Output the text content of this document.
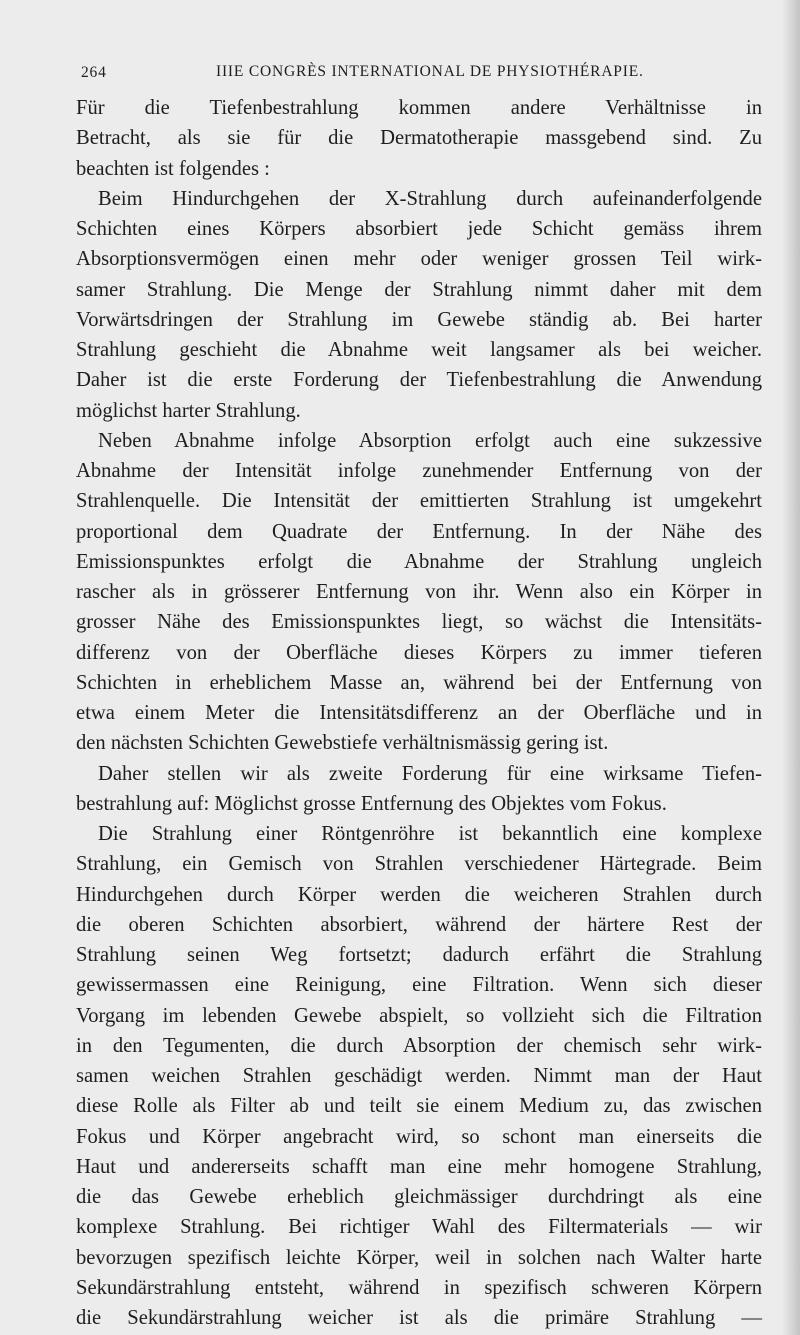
264	IIIE CONGRÈS INTERNATIONAL DE PHYSIOTHÉRAPIE.
Für die Tiefenbestrahlung kommen andere Verhältnisse in
Betracht, als sie für die Dermatotherapie massgebend sind. Zu
beachten ist folgendes :
Beim Hindurchgehen der X-Strahlung durch aufeinanderfolgende
Schichten eines Körpers absorbiert jede Schicht gemäss ihrem
Absorptionsvermögen einen mehr oder weniger grossen Teil wirk-
samer Strahlung. Die Menge der Strahlung nimmt daher mit dem
Vorwärtsdringen der Strahlung im Gewebe ständig ab. Bei harter
Strahlung geschieht die Abnahme weit langsamer als bei weicher.
Daher ist die erste Forderung der Tiefenbestrahlung die Anwendung
möglichst harter Strahlung.
Neben Abnahme infolge Absorption erfolgt auch eine sukzessive
Abnahme der Intensität infolge zunehmender Entfernung von der
Strahlenquelle. Die Intensität der emittierten Strahlung ist umgekehrt
proportional dem Quadrate der Entfernung. In der Nähe des
Emissionspunktes erfolgt die Abnahme der Strahlung ungleich
rascher als in grösserer Entfernung von ihr. Wenn also ein Körper in
grosser Nähe des Emissionspunktes liegt, so wächst die Intensitäts-
differenz von der Oberfläche dieses Körpers zu immer tieferen
Schichten in erheblichem Masse an, während bei der Entfernung von
etwa einem Meter die Intensitätsdifferenz an der Oberfläche und in
den nächsten Schichten Gewebstiefe verhältnismässig gering ist.
Daher stellen wir als zweite Forderung für eine wirksame Tiefen-
bestrahlung auf: Möglichst grosse Entfernung des Objektes vom Fokus.
Die Strahlung einer Röntgenröhre ist bekanntlich eine komplexe
Strahlung, ein Gemisch von Strahlen verschiedener Härtegrade. Beim
Hindurchgehen durch Körper werden die weicheren Strahlen durch
die oberen Schichten absorbiert, während der härtere Rest der
Strahlung seinen Weg fortsetzt; dadurch erfährt die Strahlung
gewissermassen eine Reinigung, eine Filtration. Wenn sich dieser
Vorgang im lebenden Gewebe abspielt, so vollzieht sich die Filtration
in den Tegumenten, die durch Absorption der chemisch sehr wirk-
samen weichen Strahlen geschädigt werden. Nimmt man der Haut
diese Rolle als Filter ab und teilt sie einem Medium zu, das zwischen
Fokus und Körper angebracht wird, so schont man einerseits die
Haut und andererseits schafft man eine mehr homogene Strahlung,
die das Gewebe erheblich gleichmässiger durchdringt als eine
komplexe Strahlung. Bei richtiger Wahl des Filtermaterials — wir
bevorzugen spezifisch leichte Körper, weil in solchen nach Walter harte
Sekundärstrahlung entsteht, während in spezifisch schweren Körpern
die Sekundärstrahlung weicher ist als die primäre Strahlung —
